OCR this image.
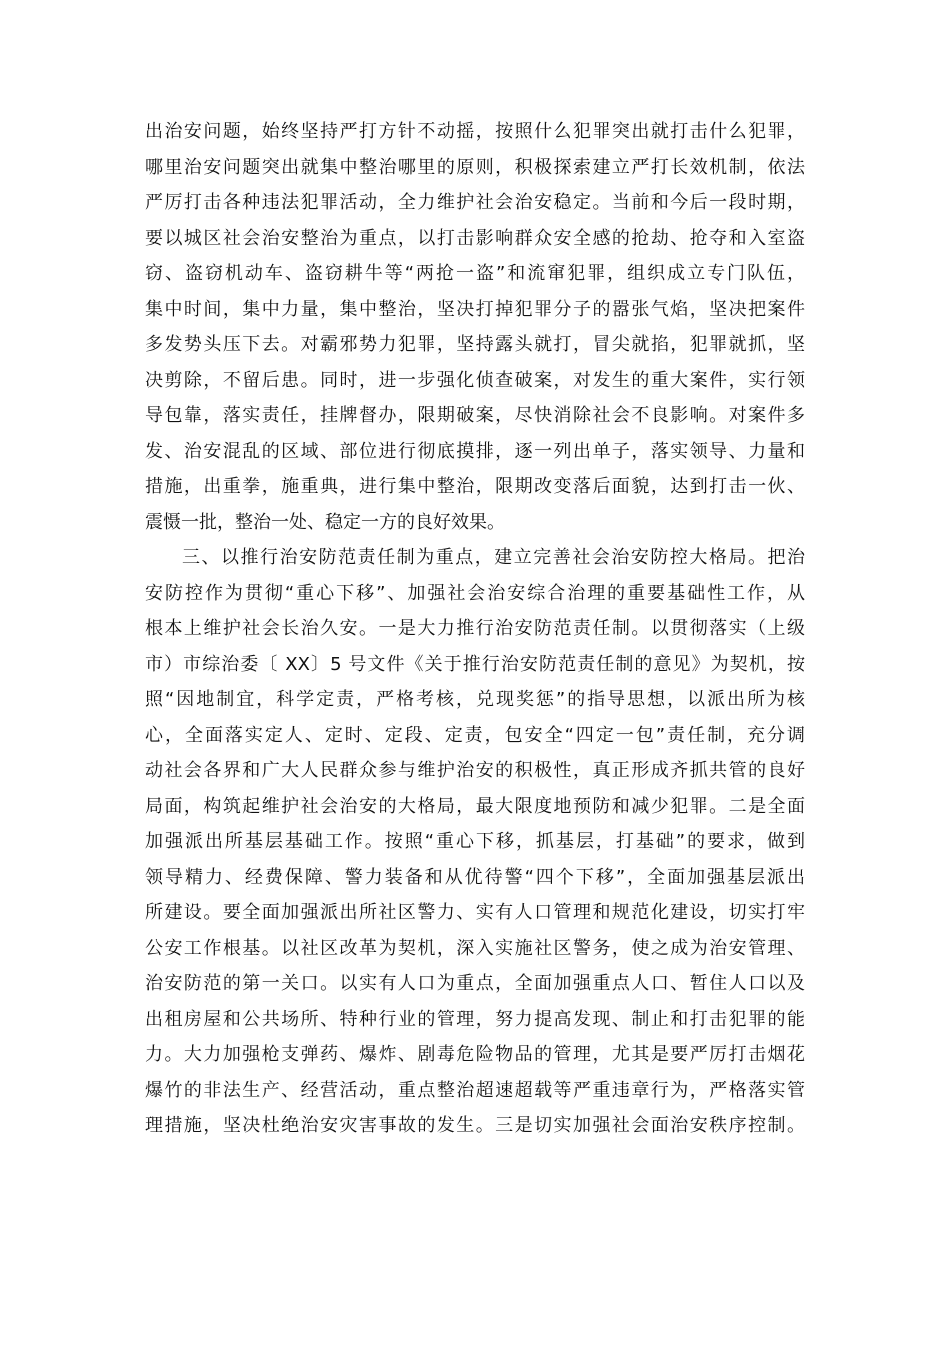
出治安问题，始终坚持严打方针不动摇，按照什么犯罪突出就打击什么犯罪，
哪里治安问题突出就集中整治哪里的原则，积极探索建立严打长效机制，依法
严厉打击各种违法犯罪活动，全力维护社会治安稳定。当前和今后一段时期，
要以城区社会治安整治为重点，以打击影响群众安全感的抢劫、抢夺和入室盗
窃、盗窃机动车、盗窃耕牛等“两抢一盗”和流窜犯罪，组织成立专门队伍，
集中时间，集中力量，集中整治，坚决打掉犯罪分子的嚣张气焰，坚决把案件
多发势头压下去。对霸邪势力犯罪，坚持露头就打，冒尖就掐，犯罪就抓，坚
决剪除，不留后患。同时，进一步强化侦查破案，对发生的重大案件，实行领
导包靠，落实责任，挂牌督办，限期破案，尽快消除社会不良影响。对案件多
发、治安混乱的区域、部位进行彻底摸排，逐一列出单子，落实领导、力量和
措施，出重拳，施重典，进行集中整治，限期改变落后面貌，达到打击一伙、
震慑一批，整治一处、稳定一方的良好效果。
三、以推行治安防范责任制为重点，建立完善社会治安防控大格局。把治
安防控作为贯彻“重心下移”、加强社会治安综合治理的重要基础性工作，从
根本上维护社会长治久安。一是大力推行治安防范责任制。以贯彻落实（上级
市）市综治委〔 XX〕5 号文件《关于推行治安防范责任制的意见》为契机，按
照“因地制宜，科学定责，严格考核，兑现奖惩”的指导思想，以派出所为核
心，全面落实定人、定时、定段、定责，包安全“四定一包”责任制，充分调
动社会各界和广大人民群众参与维护治安的积极性，真正形成齐抓共管的良好
局面，构筑起维护社会治安的大格局，最大限度地预防和减少犯罪。二是全面
加强派出所基层基础工作。按照“重心下移，抓基层，打基础”的要求，做到
领导精力、经费保障、警力装备和从优待警“四个下移”，全面加强基层派出
所建设。要全面加强派出所社区警力、实有人口管理和规范化建设，切实打牢
公安工作根基。以社区改革为契机，深入实施社区警务，使之成为治安管理、
治安防范的第一关口。以实有人口为重点，全面加强重点人口、暂住人口以及
出租房屋和公共场所、特种行业的管理，努力提高发现、制止和打击犯罪的能
力。大力加强枪支弹药、爆炸、剧毒危险物品的管理，尤其是要严厉打击烟花
爆竹的非法生产、经营活动，重点整治超速超载等严重违章行为，严格落实管
理措施，坚决杜绝治安灾害事故的发生。三是切实加强社会面治安秩序控制。
